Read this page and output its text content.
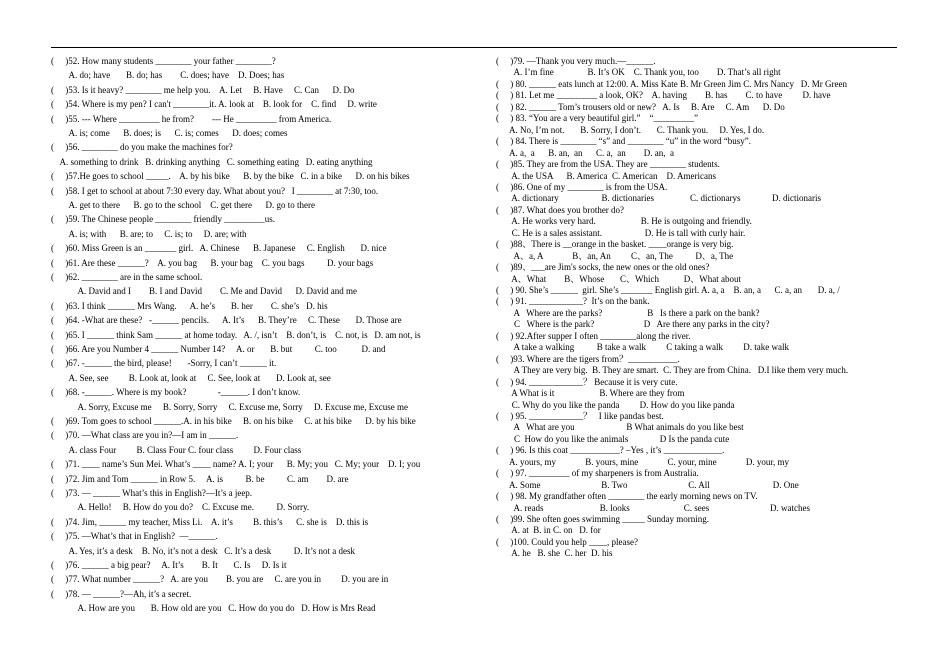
(     )52. How many students ________ your father ________?
A. do; have       B. do; has        C. does; have    D. Does; has
(     )53. Is it heavy? ________ me help you.    A. Let     B. Have     C. Can      D. Do
(     )54. Where is my pen? I can't ________it. A. look at    B. look for    C. find     D. write
(     )55. --- Where _________ he from?        --- He _________ from America.
A. is; come      B. does; is      C. is; comes      D. does; comes
(     )56. ________ do you make the machines for?
A. something to drink   B. drinking anything   C. something eating   D. eating anything
(     )57.He goes to school _____.    A. by his bike      B. by the bike   C. in a bike      D. on his bikes
(     )58. I get to school at about 7:30 every day. What about you?   I ________ at 7:30, too.
A. get to there      B. go to the school    C. get there      D. go to there
(     )59. The Chinese people ________ friendly _________us.
A. is; with      B. are; to     C. is; to     D. are; with
(     )60. Miss Green is an _______ girl.   A. Chinese      B. Japanese     C. English       D. nice
(     )61. Are these ______?    A. you bag      B. your bag    C. you bags          D. your bags
(     )62. ________ are in the same school.
A. David and I        B. I and David        C. Me and David      D. David and me
(     )63. I think ______ Mrs Wang.      A. he’s       B. her        C. she’s   D. his
(     )64. -What are these?   -______ pencils.      A. It’s      B. They’re     C. These       D. Those are
(     )65. I ______ think Sam ______ at home today.   A. /, isn’t    B. don’t, is    C. not, is   D. am not, is
(     )66. Are you Number 4 ______ Number 14?     A. or       B. but          C. too           D. and
(     )67. -______ the bird, please!       -Sorry, I can’t ______ it.
A. See, see         B. Look at, look at     C. See, look at       D. Look at, see
(     )68. -______. Where is my book?              -______. I don’t know.
A. Sorry, Excuse me     B. Sorry, Sorry     C. Excuse me, Sorry     D. Excuse me, Excuse me
(     )69. Tom goes to school ______.A. in his bike     B. on his bike     C. at his bike      D. by his bike
(     )70. —What class are you in?—I am in ______.
A. class Four         B. Class Four C. four class         D. Four class
(     )71. ____ name’s Sun Mei. What’s ____ name? A. I; your      B. My; you   C. My; your    D. I; you
(     )72. Jim and Tom ______ in Row 5.     A. is          B. be          C. am        D. are
(     )73. — ______ What’s this in English?—It’s a jeep.
A. Hello!     B. How do you do?    C. Excuse me.          D. Sorry.
(     )74. Jim, ______ my teacher, Miss Li.    A. it’s         B. this’s      C. she is    D. this is
(     )75. —What’s that in English?  —______.
A. Yes, it’s a desk    B. No, it’s not a desk   C. It’s a desk          D. It’s not a desk
(     )76. ______ a big pear?     A. It’s        B. It       C. Is     D. Is it
(     )77. What number ______?   A. are you        B. you are     C. are you in         D. you are in
(     )78. — ______?—Ah, it’s a secret.
A. How are you       B. How old are you   C. How do you do   D. How is Mrs Read
(     )79. —Thank you very much.—______.
A. I’m fine               B. It’s OK    C. Thank you, too        D. That’s all right
(     ) 80. ______ eats lunch at 12:00. A. Miss Kate B. Mr Green Jim C. Mrs Nancy   D. Mr Green
(     ) 81. Let me _________ a look, OK?    A. having        B. has        C. to have         D. have
(     ) 82. ______ Tom’s trousers old or new?   A. Is     B. Are     C. Am      D. Do
(     ) 83. “You are a very beautiful girl.”    “_________”
A. No, I’m not.       B. Sorry, I don’t.       C. Thank you.     D. Yes, I do.
(     ) 84. There is ________ “s” and ________ “u” in the word “busy”.
A. a,  a      B. an,  an      C. a,  an        D. an,  a
(     )85. They are from the USA. They are ________ students.
A. the USA      B. America  C. American    D. Americans
(     )86. One of my ________ is from the USA.
A. dictionary                   B. dictionaries                C. dictionarys              D. dictionaris
(     )87. What does you brother do?
A. He works very hard.                    B. He is outgoing and friendly.
C. He is a sales assistant.                   D. He is tall with curly hair.
(     )88、There is __orange in the basket. ____orange is very big.
A、a, A             B、an, An         C、an, The          D、a, The
(     )89、___are Jim's socks, the new ones or the old ones?
A、What        B、Whose       C、Which           D、What about
(     ) 90. She’s ______  girl. She’s _______ English girl. A. a, a    B. an, a      C. a, an       D. a, /
(     ) 91. ____________?  It’s on the bank.
A   Where are the parks?                    B   Is there a park on the bank?
C   Where is the park?                      D   Are there any parks in the city?
(     ) 92.After supper I often ________along the river.
A take a walking          B take a walk         C taking a walk         D. take walk
(     )93. Where are the tigers from？___________.
A They are very big.  B. They are smart.  C. They are from China.   D.I like them very much.
(     ) 94. ____________？ Because it is very cute.
A What is it                    B. Where are they from
C. Why do you like the panda         D. How do you like panda
(     ) 95. ____________？   I like pandas best.
A   What are you                       B What animals do you like best
C  How do you like the animals              D Is the panda cute
(     ) 96. Is this coat ___________? –Yes , it’s _____________.
A. yours, my             B. yours, mine             C. your, mine             D. your, my
(     ) 97. _________ of my sharpeners is from Australia.
A. Some                           B. Two                           C. All                            D. One
(     ) 98. My grandfather often ________ the early morning news on TV.
A. reads                         B. looks                        C. sees                           D. watches
(     )99. She often goes swimming _____ Sunday morning.
A. at  B. in C. on   D. for
(     )100. Could you help ____, please?
A. he   B. she  C. her  D. his
